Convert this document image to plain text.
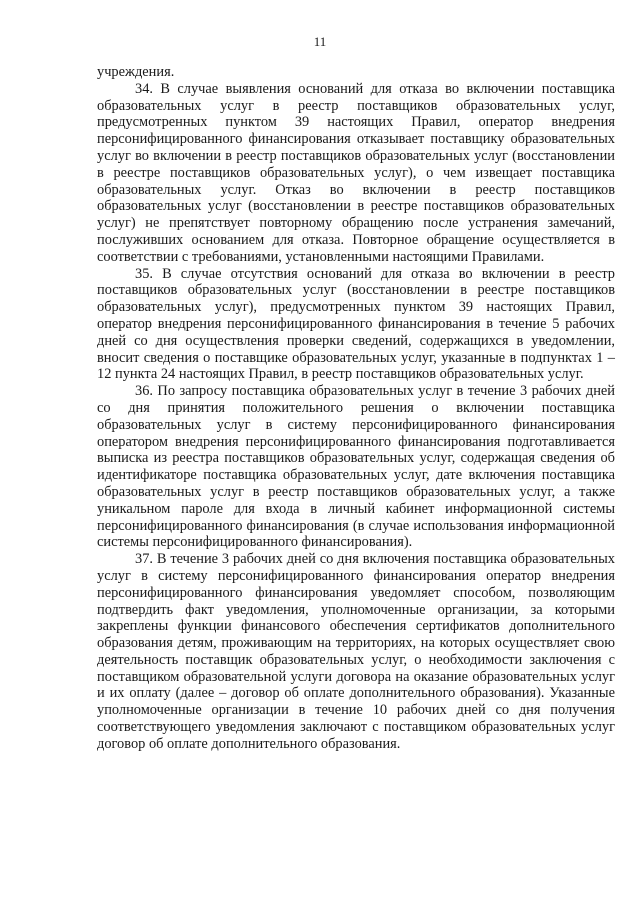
11

учреждения.

34. В случае выявления оснований для отказа во включении поставщика образовательных услуг в реестр поставщиков образовательных услуг, предусмотренных пунктом 39 настоящих Правил, оператор внедрения персонифицированного финансирования отказывает поставщику образовательных услуг во включении в реестр поставщиков образовательных услуг (восстановлении в реестре поставщиков образовательных услуг), о чем извещает поставщика образовательных услуг. Отказ во включении в реестр поставщиков образовательных услуг (восстановлении в реестре поставщиков образовательных услуг) не препятствует повторному обращению после устранения замечаний, послуживших основанием для отказа. Повторное обращение осуществляется в соответствии с требованиями, установленными настоящими Правилами.

35. В случае отсутствия оснований для отказа во включении в реестр поставщиков образовательных услуг (восстановлении в реестре поставщиков образовательных услуг), предусмотренных пунктом 39 настоящих Правил, оператор внедрения персонифицированного финансирования в течение 5 рабочих дней со дня осуществления проверки сведений, содержащихся в уведомлении, вносит сведения о поставщике образовательных услуг, указанные в подпунктах 1 – 12 пункта 24 настоящих Правил, в реестр поставщиков образовательных услуг.

36. По запросу поставщика образовательных услуг в течение 3 рабочих дней со дня принятия положительного решения о включении поставщика образовательных услуг в систему персонифицированного финансирования оператором внедрения персонифицированного финансирования подготавливается выписка из реестра поставщиков образовательных услуг, содержащая сведения об идентификаторе поставщика образовательных услуг, дате включения поставщика образовательных услуг в реестр поставщиков образовательных услуг, а также уникальном пароле для входа в личный кабинет информационной системы персонифицированного финансирования (в случае использования информационной системы персонифицированного финансирования).

37. В течение 3 рабочих дней со дня включения поставщика образовательных услуг в систему персонифицированного финансирования оператор внедрения персонифицированного финансирования уведомляет способом, позволяющим подтвердить факт уведомления, уполномоченные организации, за которыми закреплены функции финансового обеспечения сертификатов дополнительного образования детям, проживающим на территориях, на которых осуществляет свою деятельность поставщик образовательных услуг, о необходимости заключения с поставщиком образовательной услуги договора на оказание образовательных услуг и их оплату (далее – договор об оплате дополнительного образования). Указанные уполномоченные организации в течение 10 рабочих дней со дня получения соответствующего уведомления заключают с поставщиком образовательных услуг договор об оплате дополнительного образования.
